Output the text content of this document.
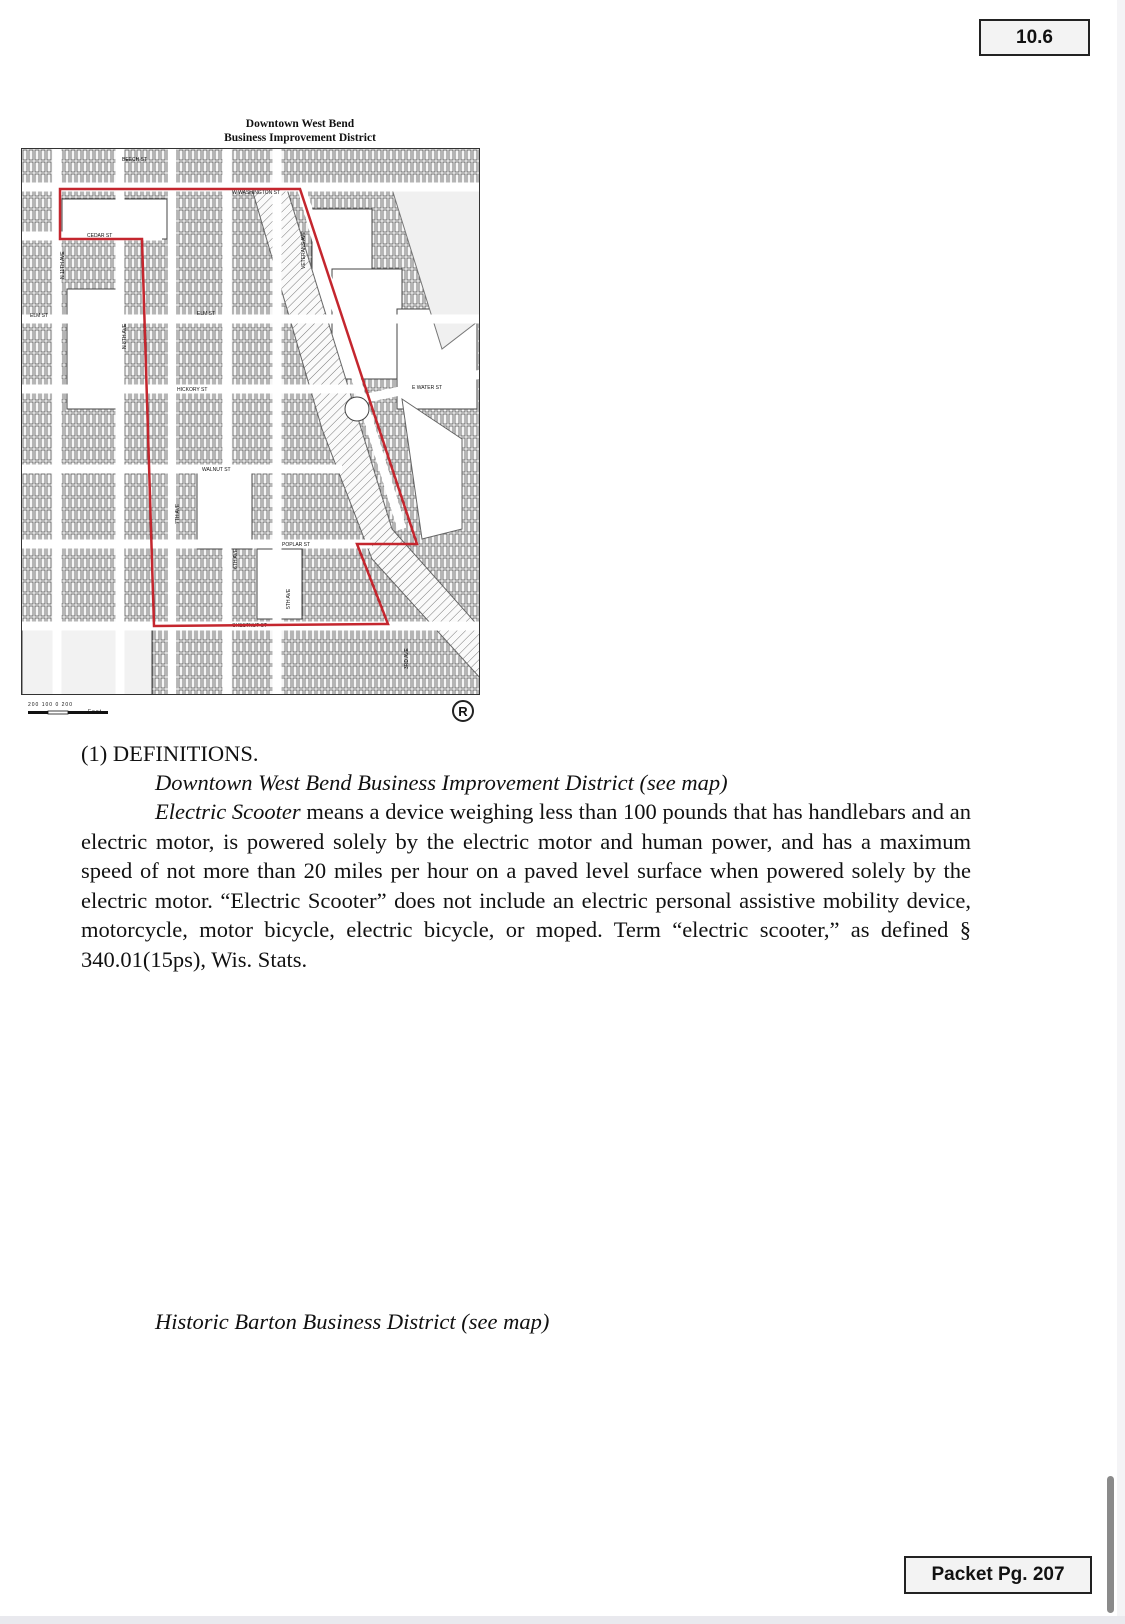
10.6
Downtown West Bend
Business Improvement District
BEECH ST
W WASHINGTON ST
CEDAR ST
ELM ST	ELM ST
HICKORY ST
WALNUT ST
POPLAR ST
CHESTNUT ST
E WATER ST
VETERANS AVE
N 11TH AVE
N 8TH AVE
7TH AVE
6TH AVE
5TH AVE
3RD AVE
200 100 0 200
Feet	R
(1) DEFINITIONS.
Downtown West Bend Business Improvement District (see map)
Electric Scooter means a device weighing less than 100 pounds that has handlebars and an electric motor, is powered solely by the electric motor and human power, and has a maximum speed of not more than 20 miles per hour on a paved level surface when powered solely by the electric motor. “Electric Scooter” does not include an electric personal assistive mobility device, motorcycle, motor bicycle, electric bicycle, or moped. Term “electric scooter,” as defined § 340.01(15ps), Wis. Stats.
Historic Barton Business District (see map)
Packet Pg. 207
